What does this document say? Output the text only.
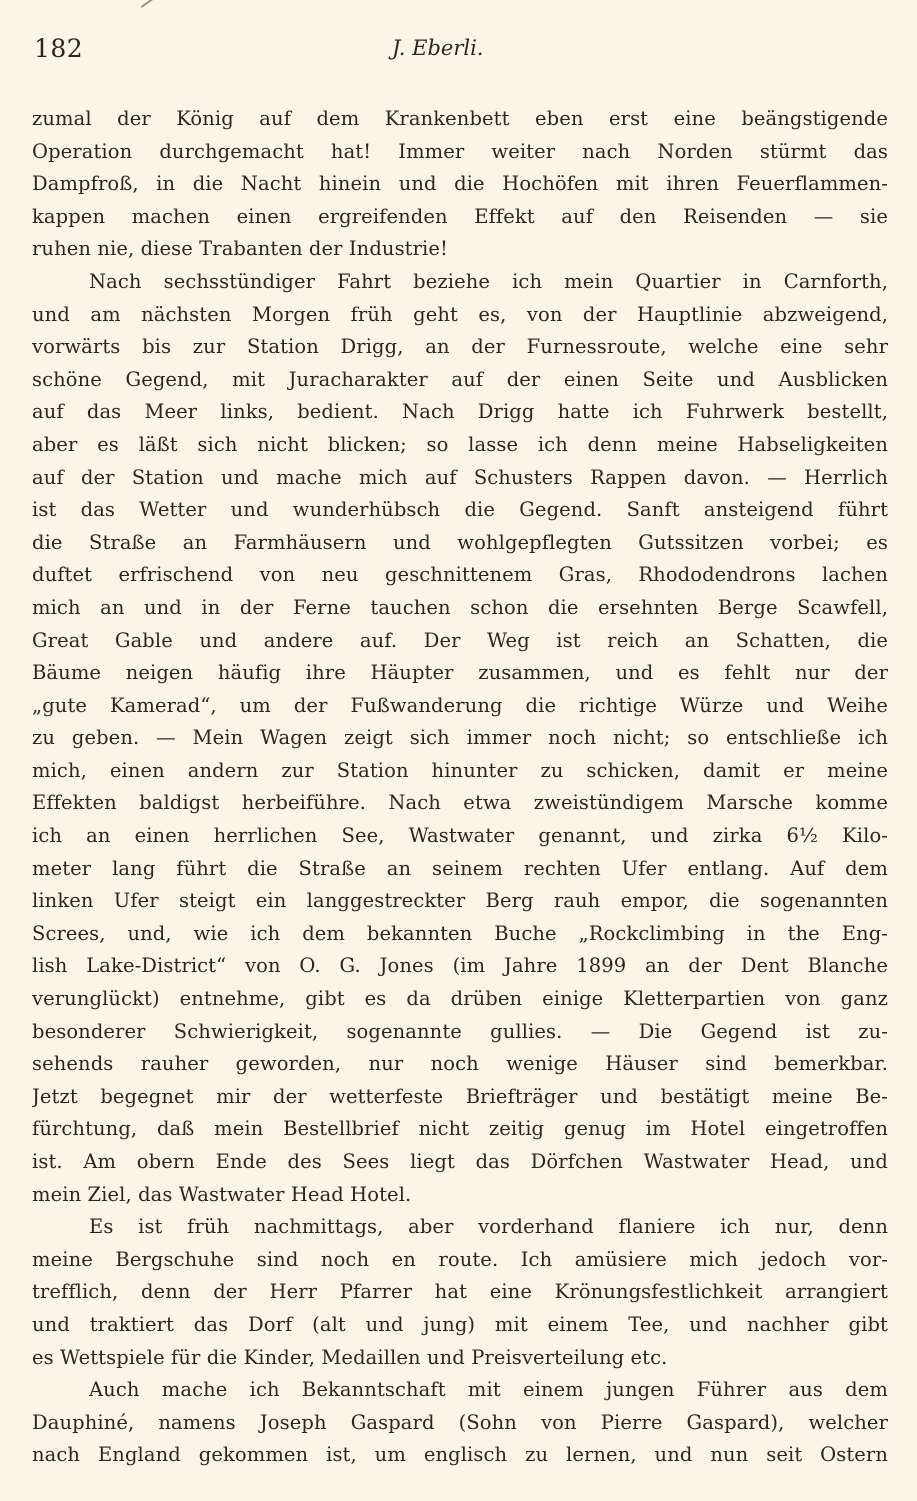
182	J. Eberli.
zumal der König auf dem Krankenbett eben erst eine beängstigende
Operation durchgemacht hat! Immer weiter nach Norden stürmt das
Dampfroß, in die Nacht hinein und die Hochöfen mit ihren Feuerflammen-
kappen machen einen ergreifenden Effekt auf den Reisenden — sie
ruhen nie, diese Trabanten der Industrie!
Nach sechsstündiger Fahrt beziehe ich mein Quartier in Carnforth,
und am nächsten Morgen früh geht es, von der Hauptlinie abzweigend,
vorwärts bis zur Station Drigg, an der Furnessroute, welche eine sehr
schöne Gegend, mit Juracharakter auf der einen Seite und Ausblicken
auf das Meer links, bedient. Nach Drigg hatte ich Fuhrwerk bestellt,
aber es läßt sich nicht blicken; so lasse ich denn meine Habseligkeiten
auf der Station und mache mich auf Schusters Rappen davon. — Herrlich
ist das Wetter und wunderhübsch die Gegend. Sanft ansteigend führt
die Straße an Farmhäusern und wohlgepflegten Gutssitzen vorbei; es
duftet erfrischend von neu geschnittenem Gras, Rhododendrons lachen
mich an und in der Ferne tauchen schon die ersehnten Berge Scawfell,
Great Gable und andere auf. Der Weg ist reich an Schatten, die
Bäume neigen häufig ihre Häupter zusammen, und es fehlt nur der
„gute Kamerad“, um der Fußwanderung die richtige Würze und Weihe
zu geben. — Mein Wagen zeigt sich immer noch nicht; so entschließe ich
mich, einen andern zur Station hinunter zu schicken, damit er meine
Effekten baldigst herbeiführe. Nach etwa zweistündigem Marsche komme
ich an einen herrlichen See, Wastwater genannt, und zirka 6½ Kilo-
meter lang führt die Straße an seinem rechten Ufer entlang. Auf dem
linken Ufer steigt ein langgestreckter Berg rauh empor, die sogenannten
Screes, und, wie ich dem bekannten Buche „Rockclimbing in the Eng-
lish Lake-District“ von O. G. Jones (im Jahre 1899 an der Dent Blanche
verunglückt) entnehme, gibt es da drüben einige Kletterpartien von ganz
besonderer Schwierigkeit, sogenannte gullies. — Die Gegend ist zu-
sehends rauher geworden, nur noch wenige Häuser sind bemerkbar.
Jetzt begegnet mir der wetterfeste Briefträger und bestätigt meine Be-
fürchtung, daß mein Bestellbrief nicht zeitig genug im Hotel eingetroffen
ist. Am obern Ende des Sees liegt das Dörfchen Wastwater Head, und
mein Ziel, das Wastwater Head Hotel.
Es ist früh nachmittags, aber vorderhand flaniere ich nur, denn
meine Bergschuhe sind noch en route. Ich amüsiere mich jedoch vor-
trefflich, denn der Herr Pfarrer hat eine Krönungsfestlichkeit arrangiert
und traktiert das Dorf (alt und jung) mit einem Tee, und nachher gibt
es Wettspiele für die Kinder, Medaillen und Preisverteilung etc.
Auch mache ich Bekanntschaft mit einem jungen Führer aus dem
Dauphiné, namens Joseph Gaspard (Sohn von Pierre Gaspard), welcher
nach England gekommen ist, um englisch zu lernen, und nun seit Ostern
